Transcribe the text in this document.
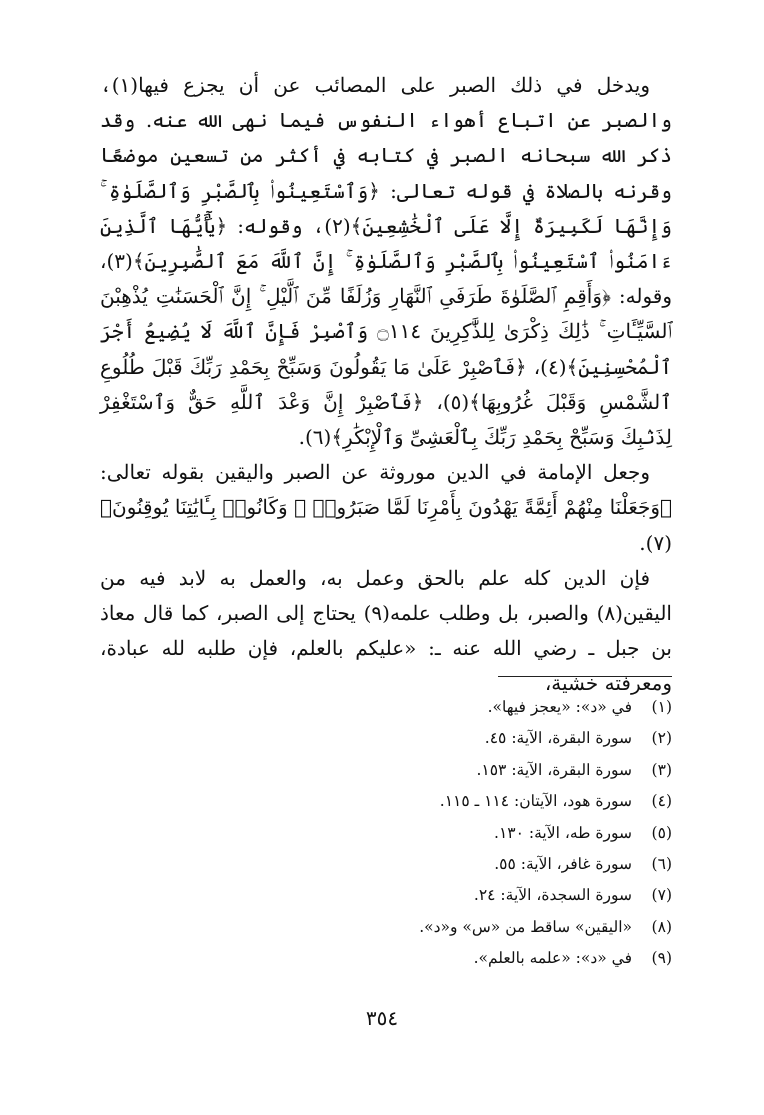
ويدخل في ذلك الصبر على المصائب عن أن يجزع فيها(١)، والصبر عن اتباع أهواء النفوس فيما نهى الله عنه. وقد ذكر الله سبحانه الصبر في كتابه في أكثر من تسعين موضعًا وقرنه بالصلاة في قوله تعالى: ﴿وَٱسْتَعِينُوا۟ بِٱلصَّبْرِ وَٱلصَّلَوٰةِ ۚ وَإِنَّهَا لَكَبِيرَةٌ إِلَّا عَلَى ٱلْخَٰشِعِينَ﴾(٢)، وقوله: ﴿يَٰٓأَيُّهَا ٱلَّذِينَ ءَامَنُوا۟ ٱسْتَعِينُوا۟ بِٱلصَّبْرِ وَٱلصَّلَوٰةِ ۚ إِنَّ ٱللَّهَ مَعَ ٱلصَّٰبِرِينَ﴾(٣)، وقوله: ﴿وَأَقِمِ ٱلصَّلَوٰةَ طَرَفَىِ ٱلنَّهَارِ وَزُلَفًا مِّنَ ٱلَّيْلِ ۚ إِنَّ ٱلْحَسَنَٰتِ يُذْهِبْنَ ٱلسَّيِّـَٔاتِ ۚ ذَٰلِكَ ذِكْرَىٰ لِلذَّٰكِرِينَ ۝١١٤ وَٱصْبِرْ فَإِنَّ ٱللَّهَ لَا يُضِيعُ أَجْرَ ٱلْمُحْسِنِينَ﴾(٤)، ﴿فَٱصْبِرْ عَلَىٰ مَا يَقُولُونَ وَسَبِّحْ بِحَمْدِ رَبِّكَ قَبْلَ طُلُوعِ ٱلشَّمْسِ وَقَبْلَ غُرُوبِهَا﴾(٥)، ﴿فَٱصْبِرْ إِنَّ وَعْدَ ٱللَّهِ حَقٌّ وَٱسْتَغْفِرْ لِذَنۢبِكَ وَسَبِّحْ بِحَمْدِ رَبِّكَ بِٱلْعَشِىِّ وَٱلْإِبْكَٰرِ﴾(٦).

وجعل الإمامة في الدين موروثة عن الصبر واليقين بقوله تعالى: ﴿وَجَعَلْنَا مِنْهُمْ أَئِمَّةً يَهْدُونَ بِأَمْرِنَا لَمَّا صَبَرُوا۟ ۖ وَكَانُوا۟ بِـَٔايَٰتِنَا يُوقِنُونَ﴾(٧).

فإن الدين كله علم بالحق وعمل به، والعمل به لابد فيه من اليقين(٨) والصبر، بل وطلب علمه(٩) يحتاج إلى الصبر، كما قال معاذ بن جبل ـ رضي الله عنه ـ: «عليكم بالعلم، فإن طلبه لله عبادة، ومعرفته خشية،

(١)
في «د»: «يعجز فيها».
(٢)
سورة البقرة، الآية: ٤٥.
(٣)
سورة البقرة، الآية: ١٥٣.
(٤)
سورة هود، الآيتان: ١١٤ ـ ١١٥.
(٥)
سورة طه، الآية: ١٣٠.
(٦)
سورة غافر، الآية: ٥٥.
(٧)
سورة السجدة، الآية: ٢٤.
(٨)
«اليقين» ساقط من «س» و«د».
(٩)
في «د»: «علمه بالعلم».
٣٥٤
